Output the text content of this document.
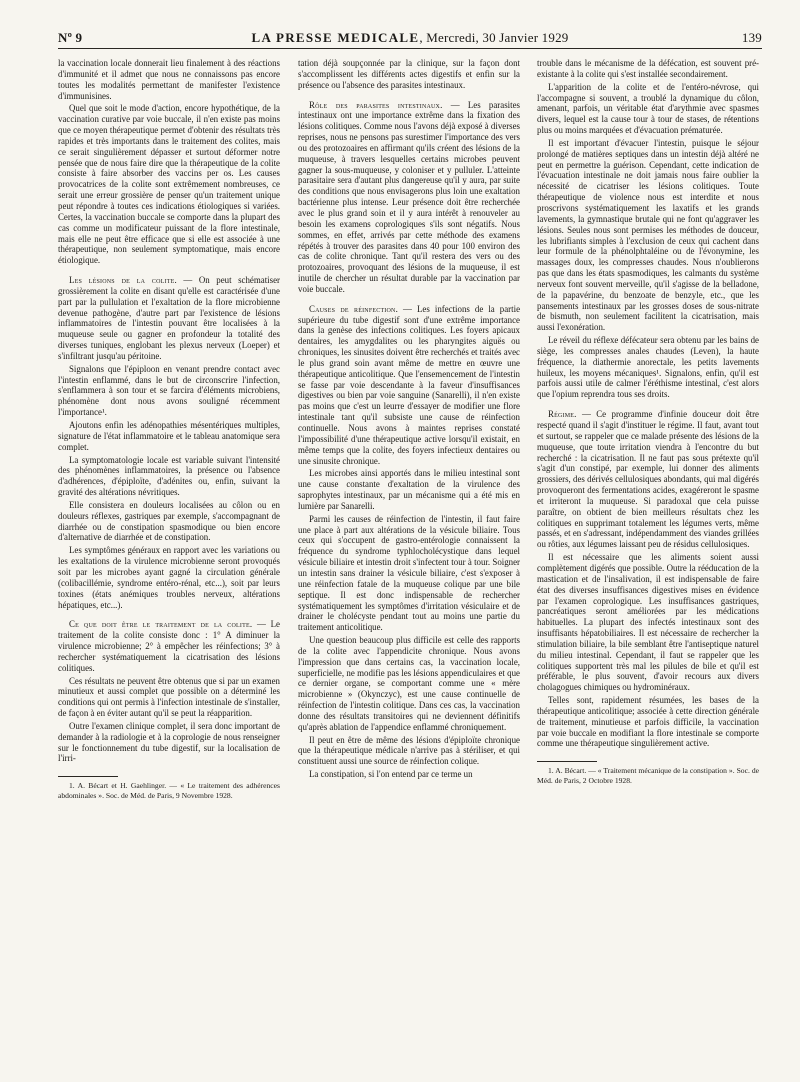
Nº 9	LA PRESSE MEDICALE, Mercredi, 30 Janvier 1929	139

la vaccination locale donnerait lieu finalement à des réactions d'immunité et il admet que nous ne connaissons pas encore toutes les modalités permettant de manifester l'existence d'immunisines.

Quel que soit le mode d'action, encore hypothétique, de la vaccination curative par voie buccale, il n'en existe pas moins que ce moyen thérapeutique permet d'obtenir des résultats très rapides et très importants dans le traitement des colites, mais ce serait singulièrement dépasser et surtout déformer notre pensée que de nous faire dire que la thérapeutique de la colite consiste à faire absorber des vaccins per os. Les causes provocatrices de la colite sont extrêmement nombreuses, ce serait une erreur grossière de penser qu'un traitement unique peut répondre à toutes ces indications étiologiques si variées. Certes, la vaccination buccale se comporte dans la plupart des cas comme un modificateur puissant de la flore intestinale, mais elle ne peut être efficace que si elle est associée à une thérapeutique, non seulement symptomatique, mais encore étiologique.

Les lésions de la colite. — On peut schématiser grossièrement la colite en disant qu'elle est caractérisée d'une part par la pullulation et l'exaltation de la flore microbienne devenue pathogène, d'autre part par l'existence de lésions inflammatoires de l'intestin pouvant être localisées à la muqueuse seule ou gagner en profondeur la totalité des diverses tuniques, englobant les plexus nerveux (Loeper) et s'infiltrant jusqu'au péritoine.

Signalons que l'épiploon en venant prendre contact avec l'intestin enflammé, dans le but de circonscrire l'infection, s'enflammera à son tour et se farcira d'éléments microbiens, phénomène dont nous avons souligné récemment l'importance¹.

Ajoutons enfin les adénopathies mésentériques multiples, signature de l'état inflammatoire et le tableau anatomique sera complet.

La symptomatologie locale est variable suivant l'intensité des phénomènes inflammatoires, la présence ou l'absence d'adhérences, d'épiploïte, d'adénites ou, enfin, suivant la gravité des altérations névritiques.

Elle consistera en douleurs localisées au côlon ou en douleurs réflexes, gastriques par exemple, s'accompagnant de diarrhée ou de constipation spasmodique ou bien encore d'alternative de diarrhée et de constipation.

Les symptômes généraux en rapport avec les variations ou les exaltations de la virulence microbienne seront provoqués soit par les microbes ayant gagné la circulation générale (colibacillémie, syndrome entéro-rénal, etc...), soit par leurs toxines (états anémiques troubles nerveux, altérations hépatiques, etc...).

Ce que doit être le traitement de la colite. — Le traitement de la colite consiste donc : 1° A diminuer la virulence microbienne; 2° à empêcher les réinfections; 3° à rechercher systématiquement la cicatrisation des lésions colitiques.

Ces résultats ne peuvent être obtenus que si par un examen minutieux et aussi complet que possible on a déterminé les conditions qui ont permis à l'infection intestinale de s'installer, de façon à en éviter autant qu'il se peut la réapparition.

Outre l'examen clinique complet, il sera donc important de demander à la radiologie et à la coprologie de nous renseigner sur le fonctionnement du tube digestif, sur la localisation de l'irri-

1. A. Bécart et H. Gaehlinger. — « Le traitement des adhérences abdominales ». Soc. de Méd. de Paris, 9 Novembre 1928.

tation déjà soupçonnée par la clinique, sur la façon dont s'accomplissent les différents actes digestifs et enfin sur la présence ou l'absence des parasites intestinaux.

Rôle des parasites intestinaux. — Les parasites intestinaux ont une importance extrême dans la fixation des lésions colitiques. Comme nous l'avons déjà exposé à diverses reprises, nous ne pensons pas surestimer l'importance des vers ou des protozoaires en affirmant qu'ils créent des lésions de la muqueuse, à travers lesquelles certains microbes peuvent gagner la sous-muqueuse, y coloniser et y pulluler. L'atteinte parasitaire sera d'autant plus dangereuse qu'il y aura, par suite des conditions que nous envisagerons plus loin une exaltation bactérienne plus intense. Leur présence doit être recherchée avec le plus grand soin et il y aura intérêt à renouveler au besoin les examens coprologiques s'ils sont négatifs. Nous sommes, en effet, arrivés par cette méthode des examens répétés à trouver des parasites dans 40 pour 100 environ des cas de colite chronique. Tant qu'il restera des vers ou des protozoaires, provoquant des lésions de la muqueuse, il est inutile de chercher un résultat durable par la vaccination par voie buccale.

Causes de réinfection. — Les infections de la partie supérieure du tube digestif sont d'une extrême importance dans la genèse des infections colitiques. Les foyers apicaux dentaires, les amygdalites ou les pharyngites aiguës ou chroniques, les sinusites doivent être recherchés et traités avec le plus grand soin avant même de mettre en œuvre une thérapeutique anticolitique. Que l'ensemencement de l'intestin se fasse par voie descendante à la faveur d'insuffisances digestives ou bien par voie sanguine (Sanarelli), il n'en existe pas moins que c'est un leurre d'essayer de modifier une flore intestinale tant qu'il subsiste une cause de réinfection continuelle. Nous avons à maintes reprises constaté l'impossibilité d'une thérapeutique active lorsqu'il existait, en même temps que la colite, des foyers infectieux dentaires ou une sinusite chronique.

Les microbes ainsi apportés dans le milieu intestinal sont une cause constante d'exaltation de la virulence des saprophytes intestinaux, par un mécanisme qui a été mis en lumière par Sanarelli.

Parmi les causes de réinfection de l'intestin, il faut faire une place à part aux altérations de la vésicule biliaire. Tous ceux qui s'occupent de gastro-entérologie connaissent la fréquence du syndrome typhlocholécystique dans lequel vésicule biliaire et intestin droit s'infectent tour à tour. Soigner un intestin sans drainer la vésicule biliaire, c'est s'exposer à une réinfection fatale de la muqueuse colique par une bile septique. Il est donc indispensable de rechercher systématiquement les symptômes d'irritation vésiculaire et de drainer le cholécyste pendant tout au moins une partie du traitement anticolitique.

Une question beaucoup plus difficile est celle des rapports de la colite avec l'appendicite chronique. Nous avons l'impression que dans certains cas, la vaccination locale, superficielle, ne modifie pas les lésions appendiculaires et que ce dernier organe, se comportant comme une « mère microbienne » (Okynczyc), est une cause continuelle de réinfection de l'intestin colitique. Dans ces cas, la vaccination donne des résultats transitoires qui ne deviennent définitifs qu'après ablation de l'appendice enflammé chroniquement.

Il peut en être de même des lésions d'épiploïte chronique que la thérapeutique médicale n'arrive pas à stériliser, et qui constituent aussi une source de réinfection colique.

La constipation, si l'on entend par ce terme un

trouble dans le mécanisme de la défécation, est souvent pré-existante à la colite qui s'est installée secondairement.

L'apparition de la colite et de l'entéro-névrose, qui l'accompagne si souvent, a troublé la dynamique du côlon, amenant, parfois, un véritable état d'arythmie avec spasmes divers, lequel est la cause tour à tour de stases, de rétentions plus ou moins marquées et d'évacuation prématurée.

Il est important d'évacuer l'intestin, puisque le séjour prolongé de matières septiques dans un intestin déjà altéré ne peut en permettre la guérison. Cependant, cette indication de l'évacuation intestinale ne doit jamais nous faire oublier la nécessité de cicatriser les lésions colitiques. Toute thérapeutique de violence nous est interdite et nous proscrivons systématiquement les laxatifs et les grands lavements, la gymnastique brutale qui ne font qu'aggraver les lésions. Seules nous sont permises les méthodes de douceur, les lubrifiants simples à l'exclusion de ceux qui cachent dans leur formule de la phénolphtaléine ou de l'évonymine, les massages doux, les compresses chaudes. Nous n'oublierons pas que dans les états spasmodiques, les calmants du système nerveux font souvent merveille, qu'il s'agisse de la belladone, de la papavérine, du benzoate de benzyle, etc., que les pansements intestinaux par les grosses doses de sous-nitrate de bismuth, non seulement facilitent la cicatrisation, mais aussi l'exonération.

Le réveil du réflexe défécateur sera obtenu par les bains de siège, les compresses anales chaudes (Leven), la haute fréquence, la diathermie anorectale, les petits lavements huileux, les moyens mécaniques¹. Signalons, enfin, qu'il est parfois aussi utile de calmer l'éréthisme intestinal, c'est alors que l'opium reprendra tous ses droits.

Régime. — Ce programme d'infinie douceur doit être respecté quand il s'agit d'instituer le régime. Il faut, avant tout et surtout, se rappeler que ce malade présente des lésions de la muqueuse, que toute irritation viendra à l'encontre du but recherché : la cicatrisation. Il ne faut pas sous prétexte qu'il s'agit d'un constipé, par exemple, lui donner des aliments grossiers, des dérivés cellulosiques abondants, qui mal digérés provoqueront des fermentations acides, exagéreront le spasme et irriteront la muqueuse. Si paradoxal que cela puisse paraître, on obtient de bien meilleurs résultats chez les colitiques en supprimant totalement les légumes verts, même passés, et en s'adressant, indépendamment des viandes grillées ou rôties, aux légumes laissant peu de résidus cellulosiques.

Il est nécessaire que les aliments soient aussi complètement digérés que possible. Outre la rééducation de la mastication et de l'insalivation, il est indispensable de faire état des diverses insuffisances digestives mises en évidence par l'examen coprologique. Les insuffisances gastriques, pancréatiques seront améliorées par les médications habituelles. La plupart des infectés intestinaux sont des insuffisants hépatobiliaires. Il est nécessaire de rechercher la stimulation biliaire, la bile semblant être l'antiseptique naturel du milieu intestinal. Cependant, il faut se rappeler que les colitiques supportent très mal les pilules de bile et qu'il est préférable, le plus souvent, d'avoir recours aux divers cholagogues chimiques ou hydrominéraux.

Telles sont, rapidement résumées, les bases de la thérapeutique anticolitique; associée à cette direction générale de traitement, minutieuse et parfois difficile, la vaccination par voie buccale en modifiant la flore intestinale se comporte comme une thérapeutique singulièrement active.

1. A. Bécart. — « Traitement mécanique de la constipation ». Soc. de Méd. de Paris, 2 Octobre 1928.
